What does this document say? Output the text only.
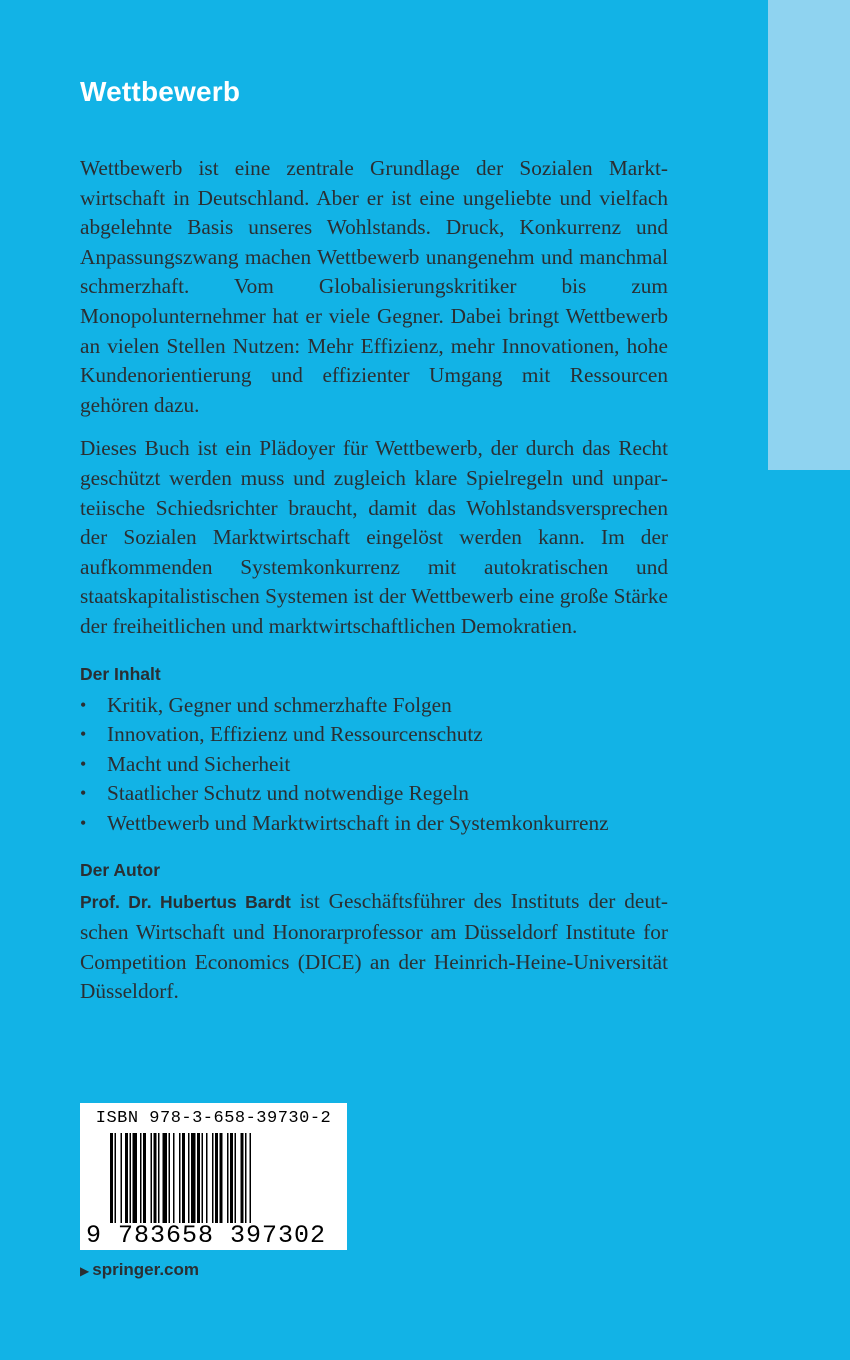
Wettbewerb

Wettbewerb ist eine zentrale Grundlage der Sozialen Marktwirtschaft in Deutschland. Aber er ist eine ungeliebte und vielfach abgelehnte Basis unseres Wohlstands. Druck, Konkurrenz und Anpassungszwang machen Wettbewerb unangenehm und manchmal schmerzhaft. Vom Globalisierungskritiker bis zum Monopolunternehmer hat er viele Gegner. Dabei bringt Wettbewerb an vielen Stellen Nutzen: Mehr Effizienz, mehr Innovationen, hohe Kundenorientierung und effizienter Umgang mit Ressourcen gehören dazu.

Dieses Buch ist ein Plädoyer für Wettbewerb, der durch das Recht geschützt werden muss und zugleich klare Spielregeln und unparteiische Schiedsrichter braucht, damit das Wohlstandsversprechen der Sozialen Marktwirtschaft eingelöst werden kann. Im der aufkommenden Systemkonkurrenz mit autokratischen und staatskapitalistischen Systemen ist der Wettbewerb eine große Stärke der freiheitlichen und marktwirtschaftlichen Demokratien.

Der Inhalt
• Kritik, Gegner und schmerzhafte Folgen
• Innovation, Effizienz und Ressourcenschutz
• Macht und Sicherheit
• Staatlicher Schutz und notwendige Regeln
• Wettbewerb und Marktwirtschaft in der Systemkonkurrenz
Der Autor

Prof. Dr. Hubertus Bardt ist Geschäftsführer des Instituts der deutschen Wirtschaft und Honorarprofessor am Düsseldorf Institute for Competition Economics (DICE) an der Heinrich-Heine-Universität Düsseldorf.

ISBN 978-3-658-39730-2
9 783658 397302
▶ springer.com
